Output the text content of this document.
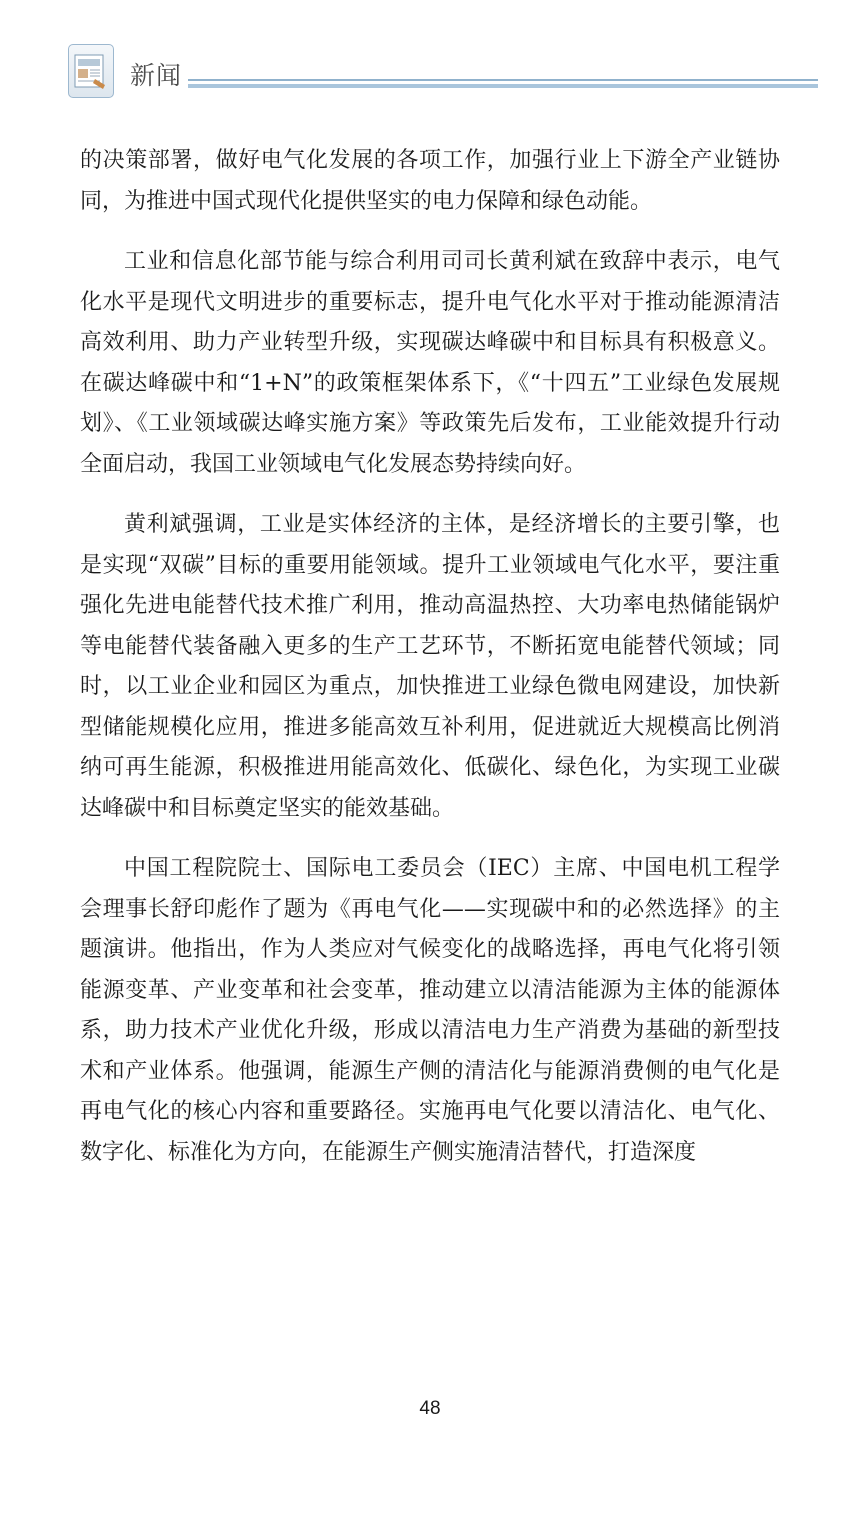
新闻

的决策部署，做好电气化发展的各项工作，加强行业上下游全产业链协同，为推进中国式现代化提供坚实的电力保障和绿色动能。

工业和信息化部节能与综合利用司司长黄利斌在致辞中表示，电气化水平是现代文明进步的重要标志，提升电气化水平对于推动能源清洁高效利用、助力产业转型升级，实现碳达峰碳中和目标具有积极意义。在碳达峰碳中和“1+N”的政策框架体系下，《“十四五”工业绿色发展规划》、《工业领域碳达峰实施方案》等政策先后发布，工业能效提升行动全面启动，我国工业领域电气化发展态势持续向好。

黄利斌强调，工业是实体经济的主体，是经济增长的主要引擎，也是实现“双碳”目标的重要用能领域。提升工业领域电气化水平，要注重强化先进电能替代技术推广利用，推动高温热控、大功率电热储能锅炉等电能替代装备融入更多的生产工艺环节，不断拓宽电能替代领域；同时，以工业企业和园区为重点，加快推进工业绿色微电网建设，加快新型储能规模化应用，推进多能高效互补利用，促进就近大规模高比例消纳可再生能源，积极推进用能高效化、低碳化、绿色化，为实现工业碳达峰碳中和目标奠定坚实的能效基础。

中国工程院院士、国际电工委员会（IEC）主席、中国电机工程学会理事长舒印彪作了题为《再电气化——实现碳中和的必然选择》的主题演讲。他指出，作为人类应对气候变化的战略选择，再电气化将引领能源变革、产业变革和社会变革，推动建立以清洁能源为主体的能源体系，助力技术产业优化升级，形成以清洁电力生产消费为基础的新型技术和产业体系。他强调，能源生产侧的清洁化与能源消费侧的电气化是再电气化的核心内容和重要路径。实施再电气化要以清洁化、电气化、数字化、标准化为方向，在能源生产侧实施清洁替代，打造深度

48
